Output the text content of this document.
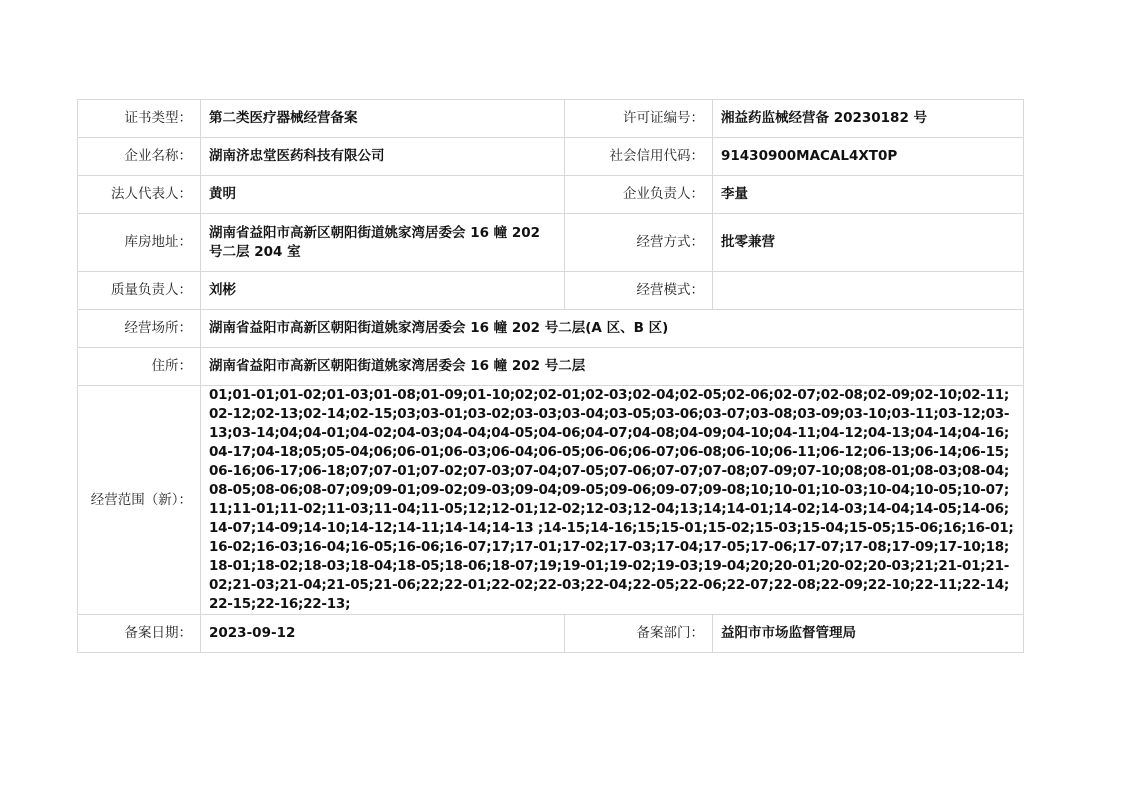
证书类型：	第二类医疗器械经营备案	许可证编号：	湘益药监械经营备 20230182 号
企业名称：	湖南济忠堂医药科技有限公司	社会信用代码：	91430900MACAL4XT0P
法人代表人：	黄明	企业负责人：	李量
库房地址：	湖南省益阳市高新区朝阳街道姚家湾居委会 16 幢 202 号二层 204 室	经营方式：	批零兼营
质量负责人：	刘彬	经营模式：	
经营场所：	湖南省益阳市高新区朝阳街道姚家湾居委会 16 幢 202 号二层(A 区、B 区)		
住所：	湖南省益阳市高新区朝阳街道姚家湾居委会 16 幢 202 号二层		
经营范围（新）：	01;01-01;01-02;01-03;01-08;01-09;01-10;02;02-01;02-03;02-04;02-05;02-06;02-07;02-08;02-09;02-10;02-11;02-12;02-13;02-14;02-15;03;03-01;03-02;03-03;03-04;03-05;03-06;03-07;03-08;03-09;03-10;03-11;03-12;03-13;03-14;04;04-01;04-02;04-03;04-04;04-05;04-06;04-07;04-08;04-09;04-10;04-11;04-12;04-13;04-14;04-16;04-17;04-18;05;05-04;06;06-01;06-03;06-04;06-05;06-06;06-07;06-08;06-10;06-11;06-12;06-13;06-14;06-15;06-16;06-17;06-18;07;07-01;07-02;07-03;07-04;07-05;07-06;07-07;07-08;07-09;07-10;08;08-01;08-03;08-04;08-05;08-06;08-07;09;09-01;09-02;09-03;09-04;09-05;09-06;09-07;09-08;10;10-01;10-03;10-04;10-05;10-07;11;11-01;11-02;11-03;11-04;11-05;12;12-01;12-02;12-03;12-04;13;14;14-01;14-02;14-03;14-04;14-05;14-06;14-07;14-09;14-10;14-12;14-11;14-14;14-13 ;14-15;14-16;15;15-01;15-02;15-03;15-04;15-05;15-06;16;16-01;16-02;16-03;16-04;16-05;16-06;16-07;17;17-01;17-02;17-03;17-04;17-05;17-06;17-07;17-08;17-09;17-10;18;18-01;18-02;18-03;18-04;18-05;18-06;18-07;19;19-01;19-02;19-03;19-04;20;20-01;20-02;20-03;21;21-01;21-02;21-03;21-04;21-05;21-06;22;22-01;22-02;22-03;22-04;22-05;22-06;22-07;22-08;22-09;22-10;22-11;22-14;22-15;22-16;22-13;		
备案日期：	2023-09-12	备案部门：	益阳市市场监督管理局
